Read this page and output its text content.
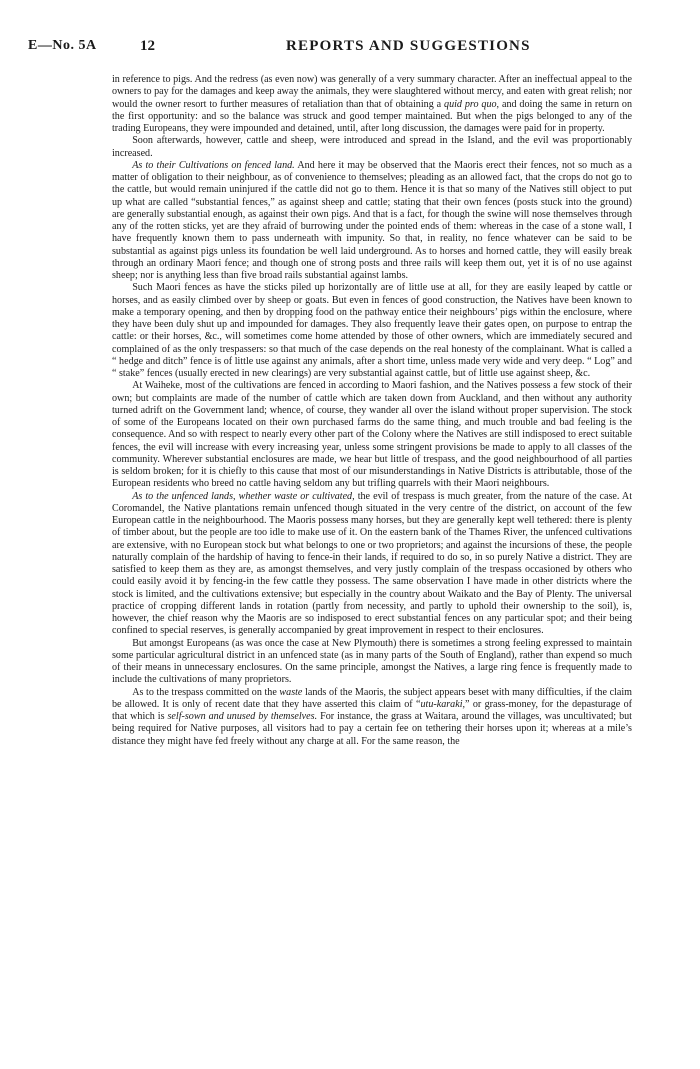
E—No. 5A	12	REPORTS AND SUGGESTIONS

in reference to pigs. And the redress (as even now) was generally of a very summary character. After an ineffectual appeal to the owners to pay for the damages and keep away the animals, they were slaughtered without mercy, and eaten with great relish; nor would the owner resort to further measures of retaliation than that of obtaining a quid pro quo, and doing the same in return on the first opportunity: and so the balance was struck and good temper maintained. But when the pigs belonged to any of the trading Europeans, they were impounded and detained, until, after long discussion, the damages were paid for in property.

Soon afterwards, however, cattle and sheep, were introduced and spread in the Island, and the evil was proportionably increased.

As to their Cultivations on fenced land. And here it may be observed that the Maoris erect their fences, not so much as a matter of obligation to their neighbour, as of convenience to themselves; pleading as an allowed fact, that the crops do not go to the cattle, but would remain uninjured if the cattle did not go to them. Hence it is that so many of the Natives still object to put up what are called “substantial fences,” as against sheep and cattle; stating that their own fences (posts stuck into the ground) are generally substantial enough, as against their own pigs. And that is a fact, for though the swine will nose themselves through any of the rotten sticks, yet are they afraid of burrowing under the pointed ends of them: whereas in the case of a stone wall, I have frequently known them to pass underneath with impunity. So that, in reality, no fence whatever can be said to be substantial as against pigs unless its foundation be well laid underground. As to horses and horned cattle, they will easily break through an ordinary Maori fence; and though one of strong posts and three rails will keep them out, yet it is of no use against sheep; nor is anything less than five broad rails substantial against lambs.

Such Maori fences as have the sticks piled up horizontally are of little use at all, for they are easily leaped by cattle or horses, and as easily climbed over by sheep or goats. But even in fences of good construction, the Natives have been known to make a temporary opening, and then by dropping food on the pathway entice their neighbours’ pigs within the enclosure, where they have been duly shut up and impounded for damages. They also frequently leave their gates open, on purpose to entrap the cattle: or their horses, &c., will sometimes come home attended by those of other owners, which are immediately secured and complained of as the only trespassers: so that much of the case depends on the real honesty of the complainant. What is called a “ hedge and ditch” fence is of little use against any animals, after a short time, unless made very wide and very deep. “ Log” and “ stake” fences (usually erected in new clearings) are very substantial against cattle, but of little use against sheep, &c.

At Waiheke, most of the cultivations are fenced in according to Maori fashion, and the Natives possess a few stock of their own; but complaints are made of the number of cattle which are taken down from Auckland, and then without any authority turned adrift on the Government land; whence, of course, they wander all over the island without proper supervision. The stock of some of the Europeans located on their own purchased farms do the same thing, and much trouble and bad feeling is the consequence. And so with respect to nearly every other part of the Colony where the Natives are still indisposed to erect suitable fences, the evil will increase with every increasing year, unless some stringent provisions be made to apply to all classes of the community. Wherever substantial enclosures are made, we hear but little of trespass, and the good neighbourhood of all parties is seldom broken; for it is chiefly to this cause that most of our misunderstandings in Native Districts is attributable, those of the European residents who breed no cattle having seldom any but trifling quarrels with their Maori neighbours.

As to the unfenced lands, whether waste or cultivated, the evil of trespass is much greater, from the nature of the case. At Coromandel, the Native plantations remain unfenced though situated in the very centre of the district, on account of the few European cattle in the neighbourhood. The Maoris possess many horses, but they are generally kept well tethered: there is plenty of timber about, but the people are too idle to make use of it. On the eastern bank of the Thames River, the unfenced cultivations are extensive, with no European stock but what belongs to one or two proprietors; and against the incursions of these, the people naturally complain of the hardship of having to fence-in their lands, if required to do so, in so purely Native a district. They are satisfied to keep them as they are, as amongst themselves, and very justly complain of the trespass occasioned by others who could easily avoid it by fencing-in the few cattle they possess. The same observation I have made in other districts where the stock is limited, and the cultivations extensive; but especially in the country about Waikato and the Bay of Plenty. The universal practice of cropping different lands in rotation (partly from necessity, and partly to uphold their ownership to the soil), is, however, the chief reason why the Maoris are so indisposed to erect substantial fences on any particular spot; and their being confined to special reserves, is generally accompanied by great improvement in respect to their enclosures.

But amongst Europeans (as was once the case at New Plymouth) there is sometimes a strong feeling expressed to maintain some particular agricultural district in an unfenced state (as in many parts of the South of England), rather than expend so much of their means in unnecessary enclosures. On the same principle, amongst the Natives, a large ring fence is frequently made to include the cultivations of many proprietors.

As to the trespass committed on the waste lands of the Maoris, the subject appears beset with many difficulties, if the claim be allowed. It is only of recent date that they have asserted this claim of “utu-karaki,” or grass-money, for the depasturage of that which is self-sown and unused by themselves. For instance, the grass at Waitara, around the villages, was uncultivated; but being required for Native purposes, all visitors had to pay a certain fee on tethering their horses upon it; whereas at a mile’s distance they might have fed freely without any charge at all. For the same reason, the
